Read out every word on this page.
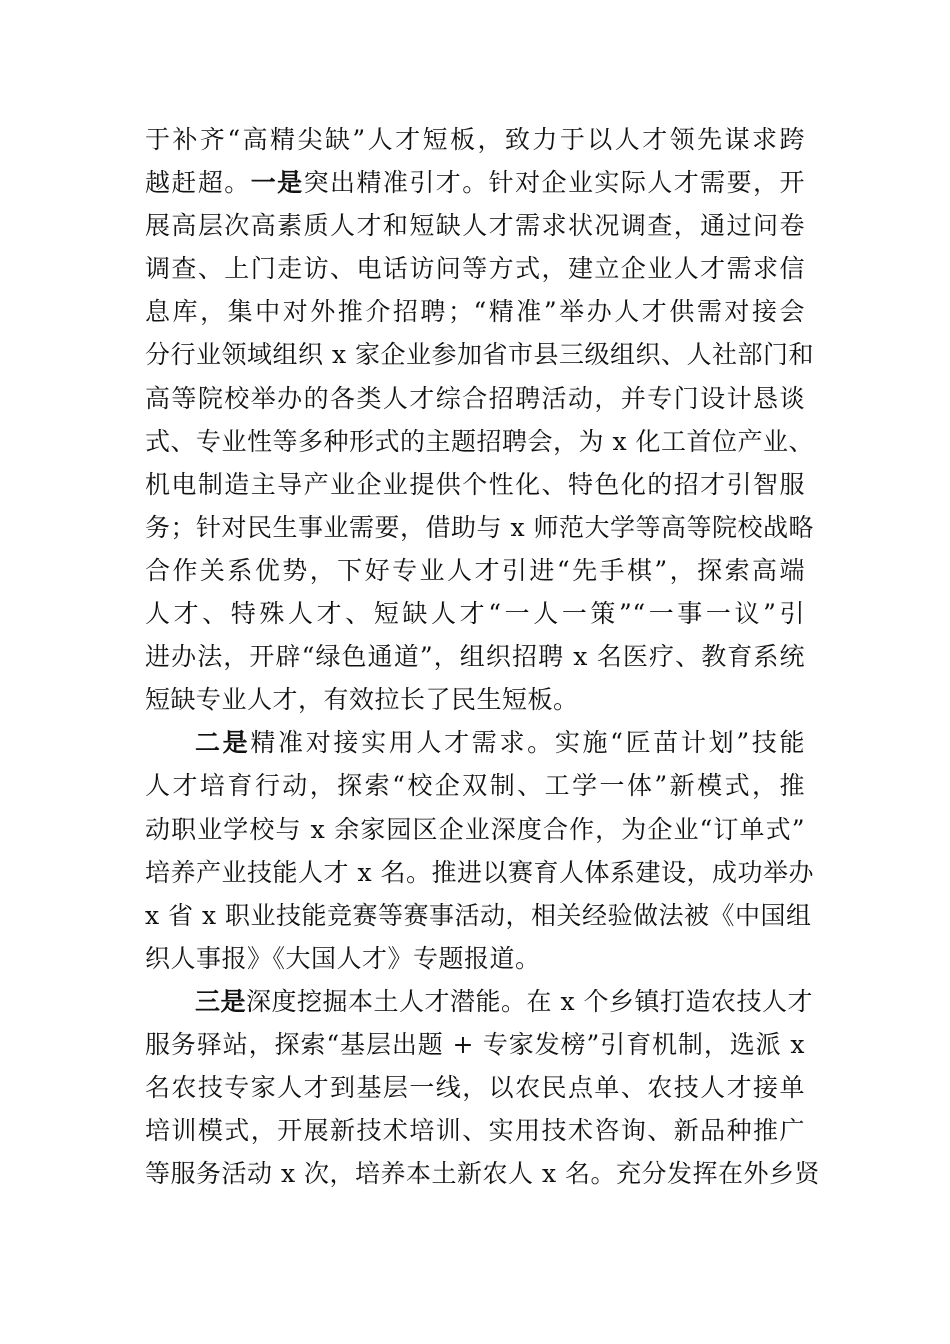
于补齐“高精尖缺”人才短板，致力于以人才领先谋求跨
越赶超。一是突出精准引才。针对企业实际人才需要，开
展高层次高素质人才和短缺人才需求状况调查，通过问卷
调查、上门走访、电话访问等方式，建立企业人才需求信
息库，集中对外推介招聘；“精准”举办人才供需对接会
分行业领域组织 x 家企业参加省市县三级组织、人社部门和
高等院校举办的各类人才综合招聘活动，并专门设计恳谈
式、专业性等多种形式的主题招聘会，为 x 化工首位产业、
机电制造主导产业企业提供个性化、特色化的招才引智服
务；针对民生事业需要，借助与 x 师范大学等高等院校战略
合作关系优势，下好专业人才引进“先手棋”，探索高端
人才、特殊人才、短缺人才“一人一策”“一事一议”引
进办法，开辟“绿色通道”，组织招聘 x 名医疗、教育系统
短缺专业人才，有效拉长了民生短板。
二是精准对接实用人才需求。实施“匠苗计划”技能
人才培育行动，探索“校企双制、工学一体”新模式，推
动职业学校与 x 余家园区企业深度合作，为企业“订单式”
培养产业技能人才 x 名。推进以赛育人体系建设，成功举办
x 省 x 职业技能竞赛等赛事活动，相关经验做法被《中国组
织人事报》《大国人才》专题报道。
三是深度挖掘本土人才潜能。在 x 个乡镇打造农技人才
服务驿站，探索“基层出题 + 专家发榜”引育机制，选派 x
名农技专家人才到基层一线，以农民点单、农技人才接单
培训模式，开展新技术培训、实用技术咨询、新品种推广
等服务活动 x 次，培养本土新农人 x 名。充分发挥在外乡贤
